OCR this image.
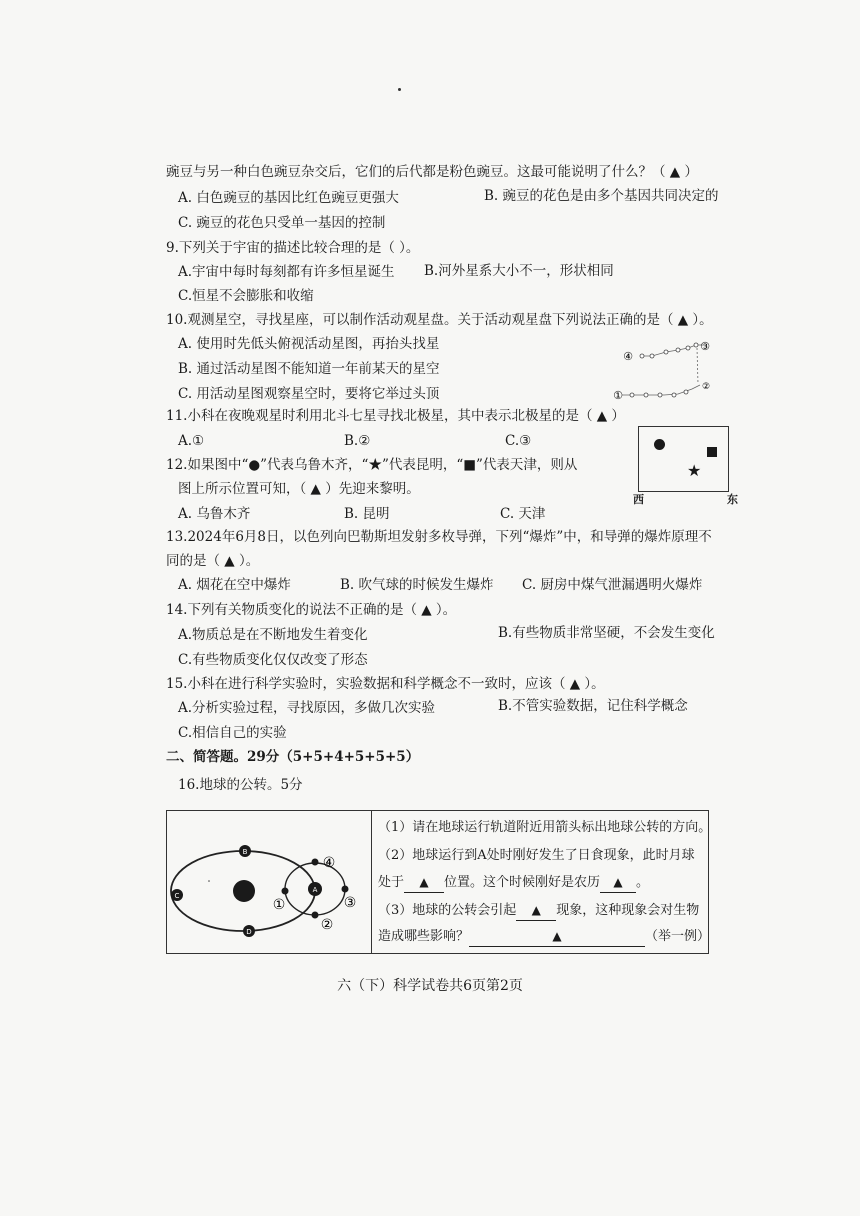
豌豆与另一种白色豌豆杂交后，它们的后代都是粉色豌豆。这最可能说明了什么？（ ▲ ）
A. 白色豌豆的基因比红色豌豆更强大	B. 豌豆的花色是由多个基因共同决定的
C. 豌豆的花色只受单一基因的控制
9.下列关于宇宙的描述比较合理的是（ ）。
A.宇宙中每时每刻都有许多恒星诞生 B.河外星系大小不一，形状相同
C.恒星不会膨胀和收缩
10.观测星空，寻找星座，可以制作活动观星盘。关于活动观星盘下列说法正确的是（ ▲ ）。
A. 使用时先低头俯视活动星图，再抬头找星
B. 通过活动星图不能知道一年前某天的星空
C. 用活动星图观察星空时，要将它举过头顶
④
③
①
②
11.小科在夜晚观星时利用北斗七星寻找北极星，其中表示北极星的是（ ▲ ）
A.①	B.②	C.③
★
西	东
12.如果图中“●”代表乌鲁木齐，“★”代表昆明，“■”代表天津，则从
图上所示位置可知，（ ▲ ）先迎来黎明。
A. 乌鲁木齐	B. 昆明	C. 天津
13.2024年6月8日，以色列向巴勒斯坦发射多枚导弹，下列“爆炸”中，和导弹的爆炸原理不
同的是（ ▲ ）。
A. 烟花在空中爆炸	B. 吹气球的时候发生爆炸 C. 厨房中煤气泄漏遇明火爆炸
14.下列有关物质变化的说法不正确的是（ ▲ ）。
A.物质总是在不断地发生着变化	B.有些物质非常坚硬，不会发生变化
C.有些物质变化仅仅改变了形态
15.小科在进行科学实验时，实验数据和科学概念不一致时，应该（ ▲ ）。
A.分析实验过程，寻找原因，多做几次实验	B.不管实验数据，记住科学概念
C.相信自己的实验
二、简答题。29分（5+5+4+5+5+5）
16.地球的公转。5分
B
C
D
A
④
①	③
②
（1）请在地球运行轨道附近用箭头标出地球公转的方向。
（2）地球运行到A处时刚好发生了日食现象，此时月球
处于 ▲ 位置。这个时候刚好是农历 ▲ 。
（3）地球的公转会引起 ▲ 现象，这种现象会对生物
造成哪些影响？	▲	（举一例）
六（下）科学试卷共6页第2页
